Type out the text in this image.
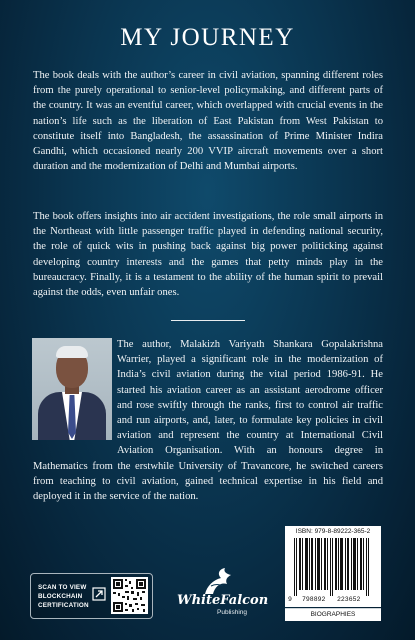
MY JOURNEY

The book deals with the author’s career in civil aviation, spanning different roles from the purely operational to senior-level policymaking, and different parts of the country. It was an eventful career, which overlapped with crucial events in the nation’s life such as the liberation of East Pakistan from West Pakistan to constitute itself into Bangladesh, the assassination of Prime Minister Indira Gandhi, which occasioned nearly 200 VVIP aircraft movements over a short duration and the modernization of Delhi and Mumbai airports.

The book offers insights into air accident investigations, the role small airports in the Northeast with little passenger traffic played in defending national security, the role of quick wits in pushing back against big power politicking against developing country interests and the games that petty minds play in the bureaucracy. Finally, it is a testament to the ability of the human spirit to prevail against the odds, even unfair ones.

The author, Malakizh Variyath Shankara Gopalakrishna Warrier, played a significant role in the modernization of India’s civil aviation during the vital period 1986-91. He started his aviation career as an assistant aerodrome officer and rose swiftly through the ranks, first to control air traffic and run airports, and, later, to formulate key policies in civil aviation and represent the country at International Civil Aviation Organisation. With an honours degree in Mathematics from the erstwhile University of Travancore, he switched careers from teaching to civil aviation, gained technical expertise in his field and deployed it in the service of the nation.

ISBN: 979-8-89222-365-2
9 798892 223652
BIOGRAPHIES
SCAN TO VIEW
BLOCKCHAIN
CERTIFICATION	WhiteFalcon
Publishing
